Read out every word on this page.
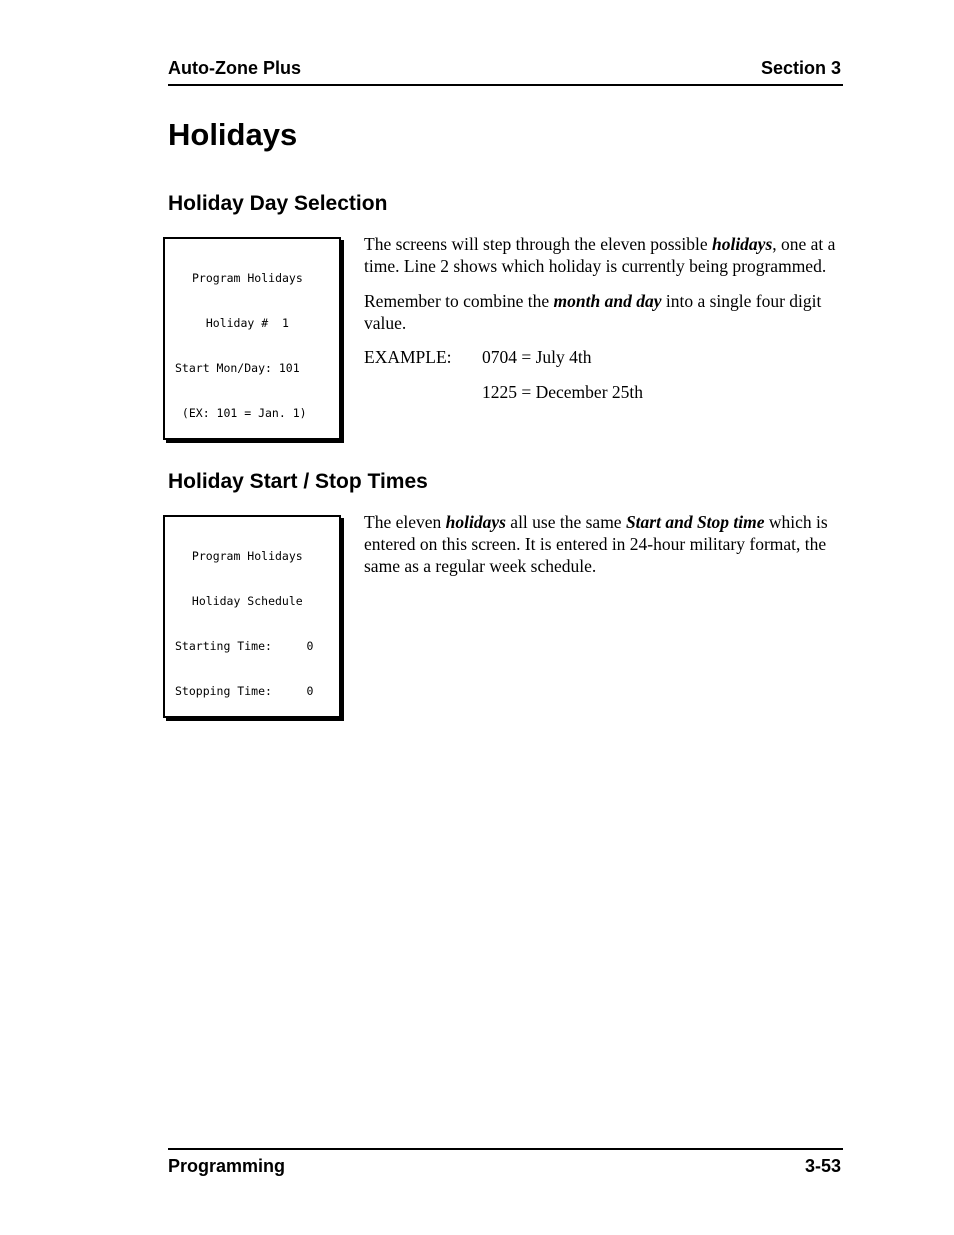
Auto-Zone Plus	Section 3
Holidays
Holiday Day Selection

Program Holidays

Holiday #  1

Start Mon/Day: 101

(EX: 101 = Jan. 1)

The screens will step through the eleven possible holidays, one at a time. Line 2 shows which holiday is currently being programmed.

Remember to combine the month and day into a single four digit value.

EXAMPLE: 0704 = July 4th
1225 = December 25th
Holiday Start / Stop Times

Program Holidays

Holiday Schedule

Starting Time:     0

Stopping Time:     0

The eleven holidays all use the same Start and Stop time which is entered on this screen. It is entered in 24-hour military format, the same as a regular week schedule.

Programming	3-53
